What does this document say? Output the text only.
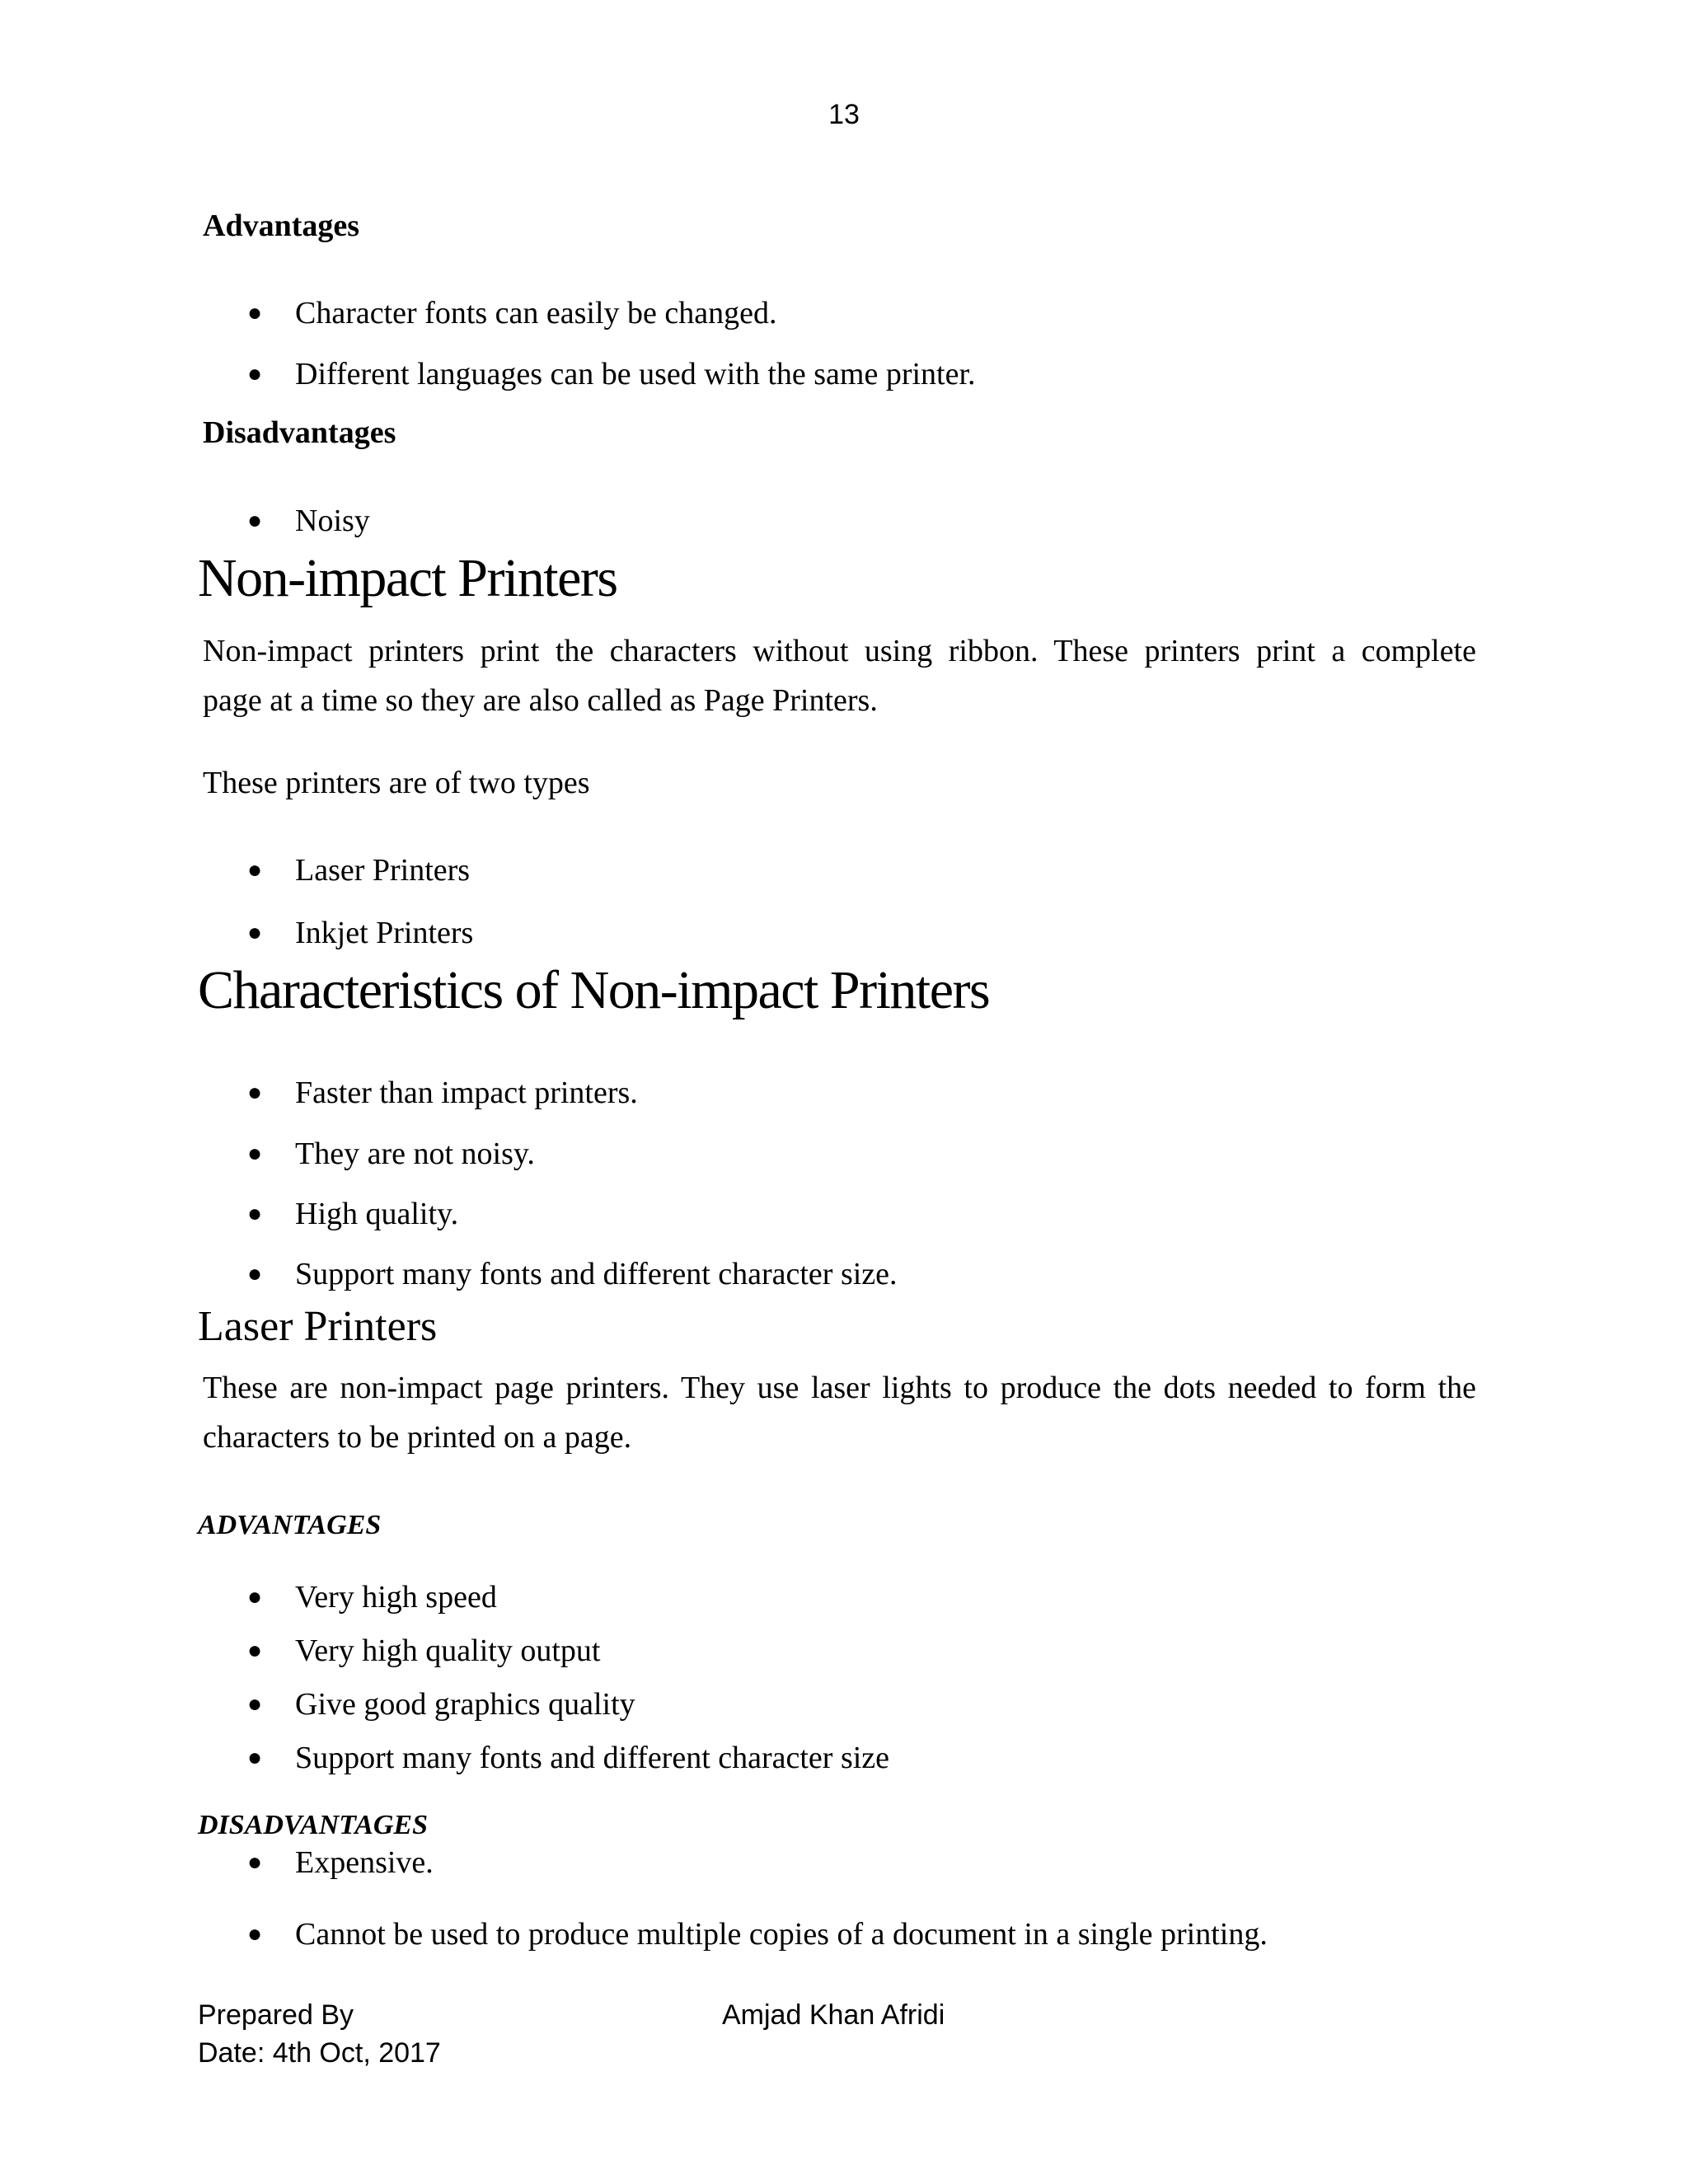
13
Advantages
● Character fonts can easily be changed.
● Different languages can be used with the same printer.
Disadvantages
● Noisy
Non-impact Printers
Non-impact printers print the characters without using ribbon. These printers print a complete
page at a time so they are also called as Page Printers.
These printers are of two types
● Laser Printers
● Inkjet Printers
Characteristics of Non-impact Printers
● Faster than impact printers.
● They are not noisy.
● High quality.
● Support many fonts and different character size.
Laser Printers
These are non-impact page printers. They use laser lights to produce the dots needed to form the
characters to be printed on a page.
ADVANTAGES
● Very high speed
● Very high quality output
● Give good graphics quality
● Support many fonts and different character size
DISADVANTAGES
● Expensive.
● Cannot be used to produce multiple copies of a document in a single printing.
Prepared By	Amjad Khan Afridi
Date: 4th Oct, 2017
